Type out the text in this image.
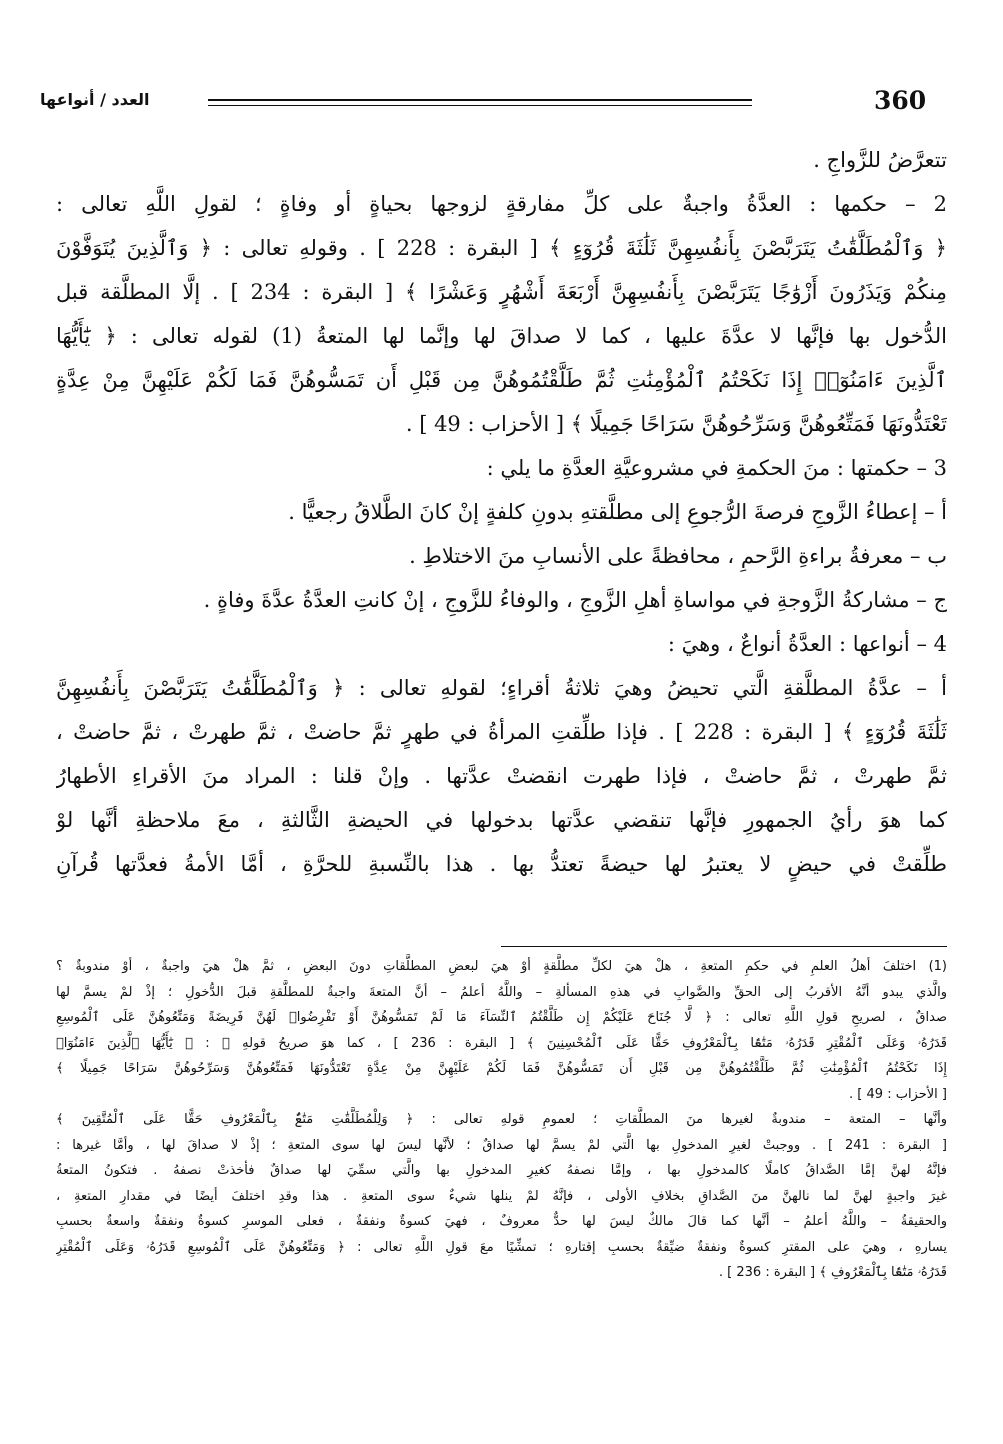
360
العدد / أنواعها
تتعرَّضُ للزَّواجِ .
2 – حكمها : العدَّةُ واجبةٌ على كلِّ مفارقةٍ لزوجها بحياةٍ أو وفاةٍ ؛ لقولِ اللَّهِ تعالى :
﴿ وَٱلْمُطَلَّقَٰتُ يَتَرَبَّصْنَ بِأَنفُسِهِنَّ ثَلَٰثَةَ قُرُوٓءٍ ﴾ [ البقرة : 228 ] . وقولهِ تعالى : ﴿ وَٱلَّذِينَ يُتَوَفَّوْنَ
مِنكُمْ وَيَذَرُونَ أَزْوَٰجًا يَتَرَبَّصْنَ بِأَنفُسِهِنَّ أَرْبَعَةَ أَشْهُرٍ وَعَشْرًا ﴾ [ البقرة : 234 ] . إلَّا المطلَّقة قبل
الدُّخول بها فإنَّها لا عدَّةَ عليها ، كما لا صداقَ لها وإنَّما لها المتعةُ (1) لقوله تعالى : ﴿ يَٰٓأَيُّهَا
ٱلَّذِينَ ءَامَنُوٓا۟ إِذَا نَكَحْتُمُ ٱلْمُؤْمِنَٰتِ ثُمَّ طَلَّقْتُمُوهُنَّ مِن قَبْلِ أَن تَمَسُّوهُنَّ فَمَا لَكُمْ عَلَيْهِنَّ مِنْ عِدَّةٍ
تَعْتَدُّونَهَا فَمَتِّعُوهُنَّ وَسَرِّحُوهُنَّ سَرَاحًا جَمِيلًا ﴾ [ الأحزاب : 49 ] .
3 – حكمتها : منَ الحكمةِ في مشروعيَّةِ العدَّةِ ما يلي :
أ – إعطاءُ الزَّوجِ فرصةَ الرُّجوعِ إلى مطلَّقتهِ بدونِ كلفةٍ إنْ كانَ الطَّلاقُ رجعيًّا .
ب – معرفةُ براءةِ الرَّحمِ ، محافظةً على الأنسابِ منَ الاختلاطِ .
ج – مشاركةُ الزَّوجةِ في مواساةِ أهلِ الزَّوجِ ، والوفاءُ للزَّوجِ ، إنْ كانتِ العدَّةُ عدَّةَ وفاةٍ .
4 – أنواعها : العدَّةُ أنواعٌ ، وهيَ :
أ – عدَّةُ المطلَّقةِ الَّتي تحيضُ وهيَ ثلاثةُ أقراءٍ؛ لقولهِ تعالى : ﴿ وَٱلْمُطَلَّقَٰتُ يَتَرَبَّصْنَ بِأَنفُسِهِنَّ
ثَلَٰثَةَ قُرُوٓءٍ ﴾ [ البقرة : 228 ] . فإذا طلِّقتِ المرأةُ في طهرٍ ثمَّ حاضتْ ، ثمَّ طهرتْ ، ثمَّ حاضتْ ،
ثمَّ طهرتْ ، ثمَّ حاضتْ ، فإذا طهرت انقضتْ عدَّتها . وإنْ قلنا : المراد منَ الأقراءِ الأطهارُ
كما هوَ رأيُ الجمهورِ فإنَّها تنقضي عدَّتها بدخولها في الحيضةِ الثَّالثةِ ، معَ ملاحظةِ أنَّها لوْ
طلِّقتْ في حيضٍ لا يعتبرُ لها حيضةً تعتدُّ بها . هذا بالنِّسبةِ للحرَّةِ ، أمَّا الأمةُ فعدَّتها قُرآنِ
(1) اختلفَ أهلُ العلمِ في حكمِ المتعةِ ، هلْ هيَ لكلِّ مطلَّقةٍ أوْ هيَ لبعضِ المطلَّقاتِ دونَ البعضِ ، ثمَّ هلْ هيَ واجبةٌ ، أوْ مندوبةٌ ؟
والَّذي يبدو أنَّهُ الأقربُ إلى الحقِّ والصَّوابِ في هذهِ المسألةِ – واللَّهُ أعلمُ – أنَّ المتعةَ واجبةٌ للمطلَّقةِ قبلَ الدُّخولِ ؛ إذْ لمْ يسمَّ لها
صداقٌ ، لصريحِ قولِ اللَّهِ تعالى : ﴿ لَّا جُنَاحَ عَلَيْكُمْ إِن طَلَّقْتُمُ ٱلنِّسَآءَ مَا لَمْ تَمَسُّوهُنَّ أَوْ تَفْرِضُوا۟ لَهُنَّ فَرِيضَةً وَمَتِّعُوهُنَّ عَلَى ٱلْمُوسِعِ
قَدَرُهُۥ وَعَلَى ٱلْمُقْتِرِ قَدَرُهُۥ مَتَٰعًۢا بِٱلْمَعْرُوفِ حَقًّا عَلَى ٱلْمُحْسِنِينَ ﴾ [ البقرة : 236 ] ، كما هوَ صريحُ قولهِ ﷺ : ﴿ يَٰٓأَيُّهَا ٱلَّذِينَ ءَامَنُوٓا۟
إِذَا نَكَحْتُمُ ٱلْمُؤْمِنَٰتِ ثُمَّ طَلَّقْتُمُوهُنَّ مِن قَبْلِ أَن تَمَسُّوهُنَّ فَمَا لَكُمْ عَلَيْهِنَّ مِنْ عِدَّةٍ تَعْتَدُّونَهَا فَمَتِّعُوهُنَّ وَسَرِّحُوهُنَّ سَرَاحًا جَمِيلًا ﴾
[ الأحزاب : 49 ] .
وأنَّها – المتعة – مندوبةٌ لغيرها منَ المطلَّقاتِ ؛ لعمومِ قولهِ تعالى : ﴿ وَلِلْمُطَلَّقَٰتِ مَتَٰعٌۢ بِٱلْمَعْرُوفِ حَقًّا عَلَى ٱلْمُتَّقِينَ ﴾
[ البقرة : 241 ] . ووجبتْ لغيرِ المدخولِ بها الَّتي لمْ يسمَّ لها صداقٌ ؛ لأنَّها ليسَ لها سوى المتعةِ ؛ إذْ لا صداقَ لها ، وأمَّا غيرها :
فإنَّهُ لهنَّ إمَّا الصَّداقُ كاملًا كالمدخولِ بها ، وإمَّا نصفهُ كغيرِ المدخولِ بها والَّتي سمِّيَ لها صداقٌ فأخذتْ نصفهُ . فتكونُ المتعةُ
غيرَ واجبةٍ لهنَّ لما نالهنَّ منَ الصَّداقِ بخلافِ الأولى ، فإنَّهُ لمْ ينلها شيءٌ سوى المتعةِ . هذا وقدِ اختلفَ أيضًا في مقدارِ المتعةِ ،
والحقيقةُ – واللَّهُ أعلمُ – أنَّها كما قالَ مالكٌ ليسَ لها حدٌّ معروفٌ ، فهيَ كسوةٌ ونفقةٌ ، فعلى الموسرِ كسوةٌ ونفقةٌ واسعةٌ بحسبِ
يسارهِ ، وهيَ على المقترِ كسوةٌ ونفقةٌ ضيِّقةٌ بحسبِ إقتارهِ ؛ تمشِّيًا معَ قولِ اللَّهِ تعالى : ﴿ وَمَتِّعُوهُنَّ عَلَى ٱلْمُوسِعِ قَدَرُهُۥ وَعَلَى ٱلْمُقْتِرِ
قَدَرُهُۥ مَتَٰعًۢا بِٱلْمَعْرُوفِ ﴾ [ البقرة : 236 ] .
